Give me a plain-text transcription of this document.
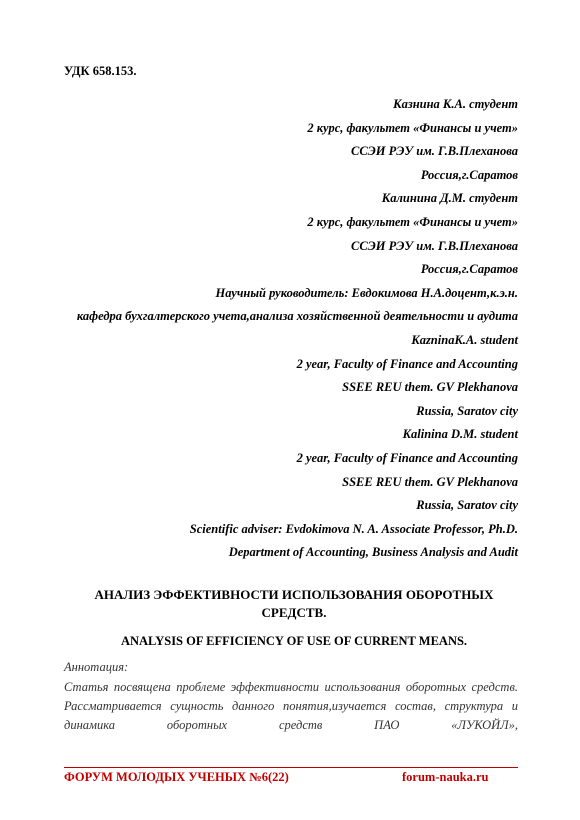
УДК 658.153.
Казнина К.А. студент
2 курс, факультет «Финансы и учет»
ССЭИ РЭУ им. Г.В.Плеханова
Россия,г.Саратов
Калинина Д.М. студент
2 курс, факультет «Финансы и учет»
ССЭИ РЭУ им. Г.В.Плеханова
Россия,г.Саратов
Научный руководитель: Евдокимова Н.А.доцент,к.э.н.
кафедра бухгалтерского учета,анализа хозяйственной деятельности и аудита
KazninaK.A. student
2 year, Faculty of Finance and Accounting
SSEE REU them. GV Plekhanova
Russia, Saratov city
Kalinina D.M. student
2 year, Faculty of Finance and Accounting
SSEE REU them. GV Plekhanova
Russia, Saratov city
Scientific adviser: Evdokimova N. A. Associate Professor, Ph.D.
Department of Accounting, Business Analysis and Audit
АНАЛИЗ ЭФФЕКТИВНОСТИ ИСПОЛЬЗОВАНИЯ ОБОРОТНЫХ СРЕДСТВ.
ANALYSIS OF EFFICIENCY OF USE OF CURRENT MEANS.
Аннотация:
Статья посвящена проблеме эффективности использования оборотных средств. Рассматривается сущность данного понятия,изучается состав, структура и динамика оборотных средств ПАО «ЛУКОЙЛ»,
ФОРУМ МОЛОДЫХ УЧЕНЫХ №6(22)	forum-nauka.ru
